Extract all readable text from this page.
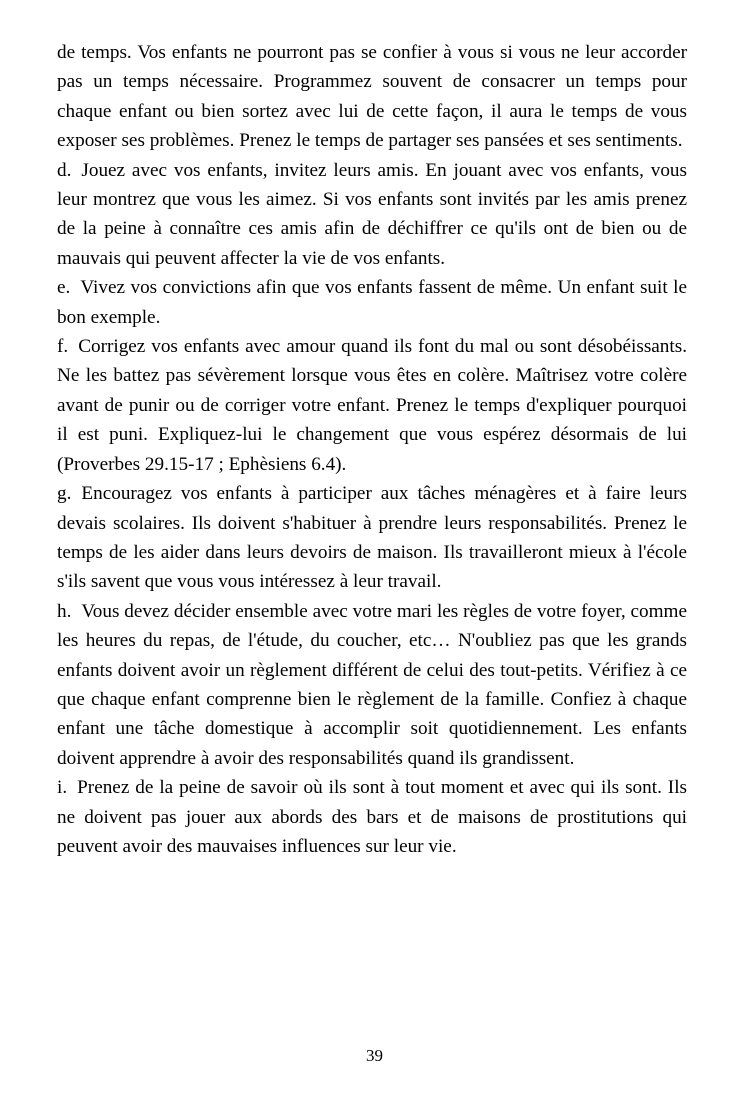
de temps. Vos enfants ne pourront pas se confier à vous si vous ne leur accorder pas un temps nécessaire. Programmez souvent de consacrer un temps pour chaque enfant ou bien sortez avec lui de cette façon, il aura le temps de vous exposer ses problèmes. Prenez le temps de partager ses pansées et ses sentiments.

d. Jouez avec vos enfants, invitez leurs amis. En jouant avec vos enfants, vous leur montrez que vous les aimez. Si vos enfants sont invités par les amis prenez de la peine à connaître ces amis afin de déchiffrer ce qu'ils ont de bien ou de mauvais qui peuvent affecter la vie de vos enfants.

e. Vivez vos convictions afin que vos enfants fassent de même. Un enfant suit le bon exemple.

f. Corrigez vos enfants avec amour quand ils font du mal ou sont désobéissants. Ne les battez pas sévèrement lorsque vous êtes en colère. Maîtrisez votre colère avant de punir ou de corriger votre enfant. Prenez le temps d'expliquer pourquoi il est puni. Expliquez-lui le changement que vous espérez désormais de lui (Proverbes 29.15-17 ; Ephèsiens 6.4).

g. Encouragez vos enfants à participer aux tâches ménagères et à faire leurs devais scolaires. Ils doivent s'habituer à prendre leurs responsabilités. Prenez le temps de les aider dans leurs devoirs de maison. Ils travailleront mieux à l'école s'ils savent que vous vous intéressez à leur travail.

h. Vous devez décider ensemble avec votre mari les règles de votre foyer, comme les heures du repas, de l'étude, du coucher, etc… N'oubliez pas que les grands enfants doivent avoir un règlement différent de celui des tout-petits. Vérifiez à ce que chaque enfant comprenne bien le règlement de la famille. Confiez à chaque enfant une tâche domestique à accomplir soit quotidiennement. Les enfants doivent apprendre à avoir des responsabilités quand ils grandissent.

i. Prenez de la peine de savoir où ils sont à tout moment et avec qui ils sont. Ils ne doivent pas jouer aux abords des bars et de maisons de prostitutions qui peuvent avoir des mauvaises influences sur leur vie.

39
